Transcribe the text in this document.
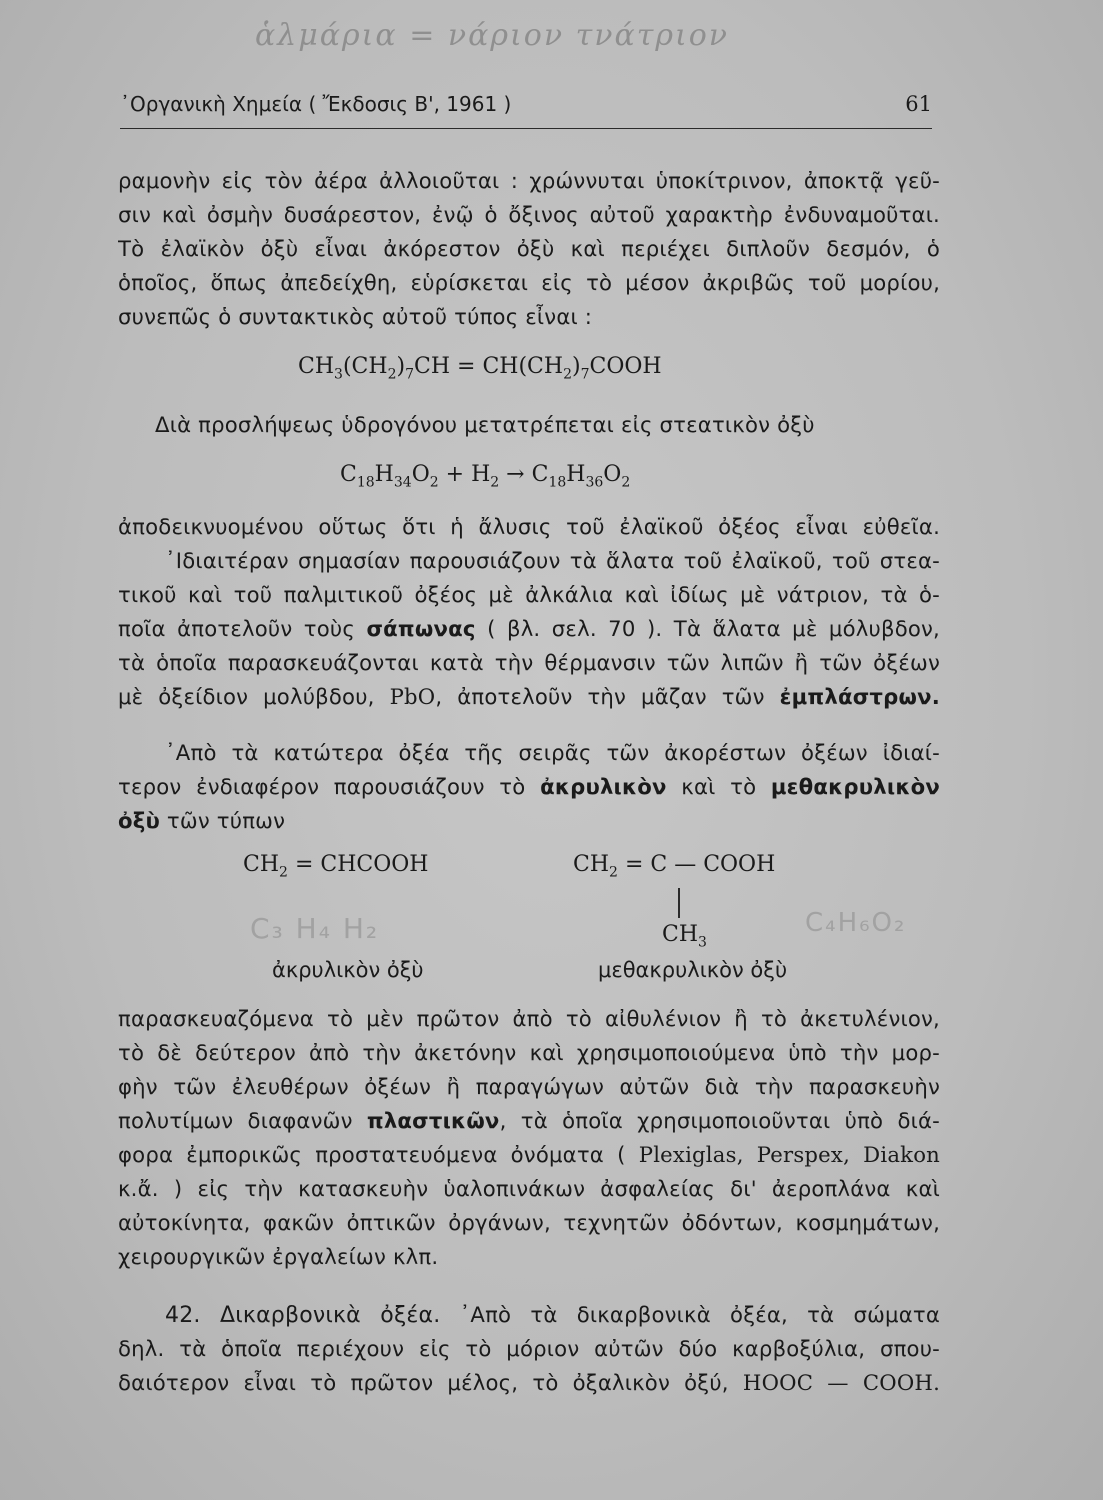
ἁλμάρια = νάριον τνάτριον
᾿Οργανικὴ Χημεία ( Ἔκδοσις Β', 1961 )	61
ραμονὴν εἰς τὸν ἀέρα ἀλλοιοῦται : χρώννυται ὑποκίτρινον, ἀποκτᾷ γεῦ-
σιν καὶ ὀσμὴν δυσάρεστον, ἐνῷ ὁ ὄξινος αὐτοῦ χαρακτὴρ ἐνδυναμοῦται.
Τὸ ἐλαϊκὸν ὀξὺ εἶναι ἀκόρεστον ὀξὺ καὶ περιέχει διπλοῦν δεσμόν, ὁ
ὁποῖος, ὅπως ἀπεδείχθη, εὑρίσκεται εἰς τὸ μέσον ἀκριβῶς τοῦ μορίου,
συνεπῶς ὁ συντακτικὸς αὐτοῦ τύπος εἶναι :
$CH_3(CH_2)_7CH$ = $CH(CH_2)_7COOH$
Διὰ προσλήψεως ὑδρογόνου μετατρέπεται εἰς στεατικὸν ὀξὺ
$C_{18}H_{34}O_2 + H_2 \to C_{18}H_{36}O_2$
ἀποδεικνυομένου οὕτως ὅτι ἡ ἄλυσις τοῦ ἐλαϊκοῦ ὀξέος εἶναι εὐθεῖα.
᾿Ιδιαιτέραν σημασίαν παρουσιάζουν τὰ ἅλατα τοῦ ἐλαϊκοῦ, τοῦ στεα-
τικοῦ καὶ τοῦ παλμιτικοῦ ὀξέος μὲ ἀλκάλια καὶ ἰδίως μὲ νάτριον, τὰ ὁ-
ποῖα ἀποτελοῦν τοὺς σάπωνας ( βλ. σελ. 70 ). Τὰ ἅλατα μὲ μόλυβδον,
τὰ ὁποῖα παρασκευάζονται κατὰ τὴν θέρμανσιν τῶν λιπῶν ἢ τῶν ὀξέων
μὲ ὀξείδιον μολύβδου, PbO, ἀποτελοῦν τὴν μᾶζαν τῶν ἐμπλάστρων.
᾿Απὸ τὰ κατώτερα ὀξέα τῆς σειρᾶς τῶν ἀκορέστων ὀξέων ἰδιαί-
τερον ἐνδιαφέρον παρουσιάζουν τὸ ἀκρυλικὸν καὶ τὸ μεθακρυλικὸν
ὀξὺ τῶν τύπων
$CH_2$ = CHCOOH	$CH_2 = C$ — COOH
$CH_3$
C₃ H₄ H₂	C₄H₆O₂
ἀκρυλικὸν ὀξὺ	μεθακρυλικὸν ὀξὺ
παρασκευαζόμενα τὸ μὲν πρῶτον ἀπὸ τὸ αἰθυλένιον ἢ τὸ ἀκετυλένιον,
τὸ δὲ δεύτερον ἀπὸ τὴν ἀκετόνην καὶ χρησιμοποιούμενα ὑπὸ τὴν μορ-
φὴν τῶν ἐλευθέρων ὀξέων ἢ παραγώγων αὐτῶν διὰ τὴν παρασκευὴν
πολυτίμων διαφανῶν πλαστικῶν, τὰ ὁποῖα χρησιμοποιοῦνται ὑπὸ διά-
φορα ἐμπορικῶς προστατευόμενα ὀνόματα ( Plexiglas, Perspex, Diakon
κ.ἄ. ) εἰς τὴν κατασκευὴν ὑαλοπινάκων ἀσφαλείας δι' ἀεροπλάνα καὶ
αὐτοκίνητα, φακῶν ὀπτικῶν ὀργάνων, τεχνητῶν ὀδόντων, κοσμημάτων,
χειρουργικῶν ἐργαλείων κλπ.
42. Δικαρβονικὰ ὀξέα. ᾿Απὸ τὰ δικαρβονικὰ ὀξέα, τὰ σώματα
δηλ. τὰ ὁποῖα περιέχουν εἰς τὸ μόριον αὐτῶν δύο καρβοξύλια, σπου-
δαιότερον εἶναι τὸ πρῶτον μέλος, τὸ ὀξαλικὸν ὀξύ, HOOC — COOH.
